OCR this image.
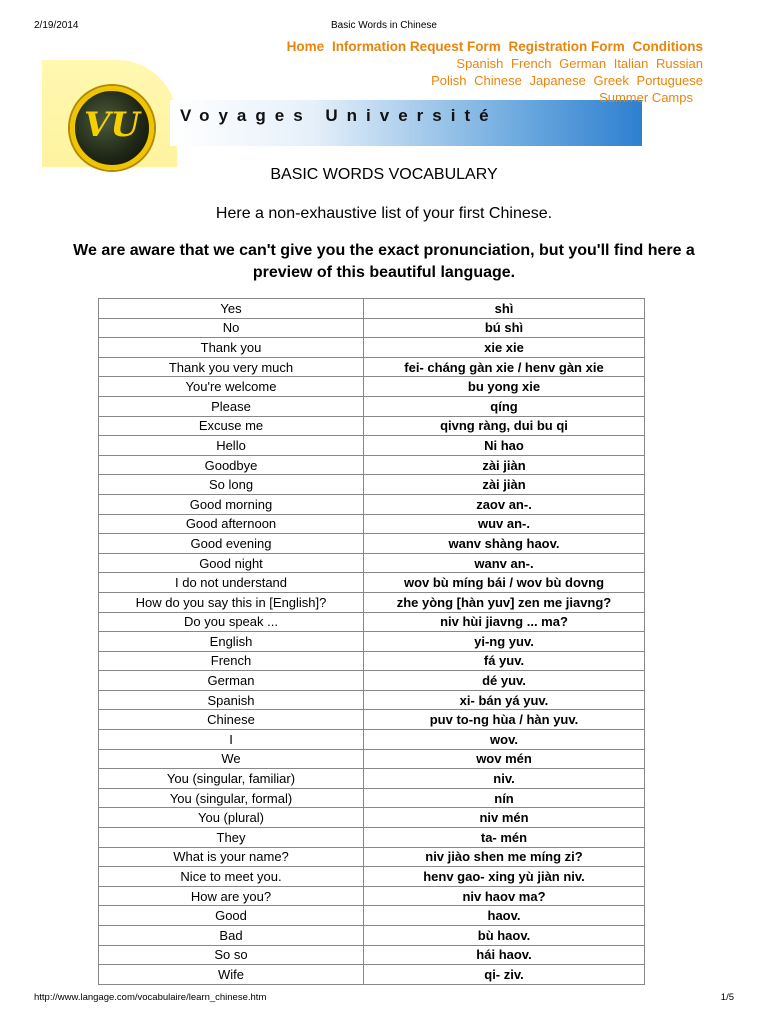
2/19/2014	Basic Words in Chinese
VU	Voyages Université
Home Information Request Form Registration Form Conditions
Spanish French German Italian Russian
Polish Chinese Japanese Greek Portuguese
Summer Camps
BASIC WORDS VOCABULARY
Here a non-exhaustive list of your first Chinese.
We are aware that we can't give you the exact pronunciation, but you'll find here a preview of this beautiful language.
Yes	shì
No	bú shì
Thank you	xie xie
Thank you very much	fei- cháng gàn xie / henv gàn xie
You're welcome	bu yong xie
Please	qíng
Excuse me	qivng ràng, dui bu qi
Hello	Ni hao
Goodbye	zài jiàn
So long	zài jiàn
Good morning	zaov an-.
Good afternoon	wuv an-.
Good evening	wanv shàng haov.
Good night	wanv an-.
I do not understand	wov bù míng bái / wov bù dovng
How do you say this in [English]?	zhe yòng [hàn yuv] zen me jiavng?
Do you speak ...	niv hùi jiavng ... ma?
English	yi-ng yuv.
French	fá yuv.
German	dé yuv.
Spanish	xi- bán yá yuv.
Chinese	puv to-ng hùa / hàn yuv.
I	wov.
We	wov mén
You (singular, familiar)	niv.
You (singular, formal)	nín
You (plural)	niv mén
They	ta- mén
What is your name?	niv jiào shen me míng zi?
Nice to meet you.	henv gao- xing yù jiàn niv.
How are you?	niv haov ma?
Good	haov.
Bad	bù haov.
So so	hái haov.
Wife	qi- ziv.
http://www.langage.com/vocabulaire/learn_chinese.htm	1/5
